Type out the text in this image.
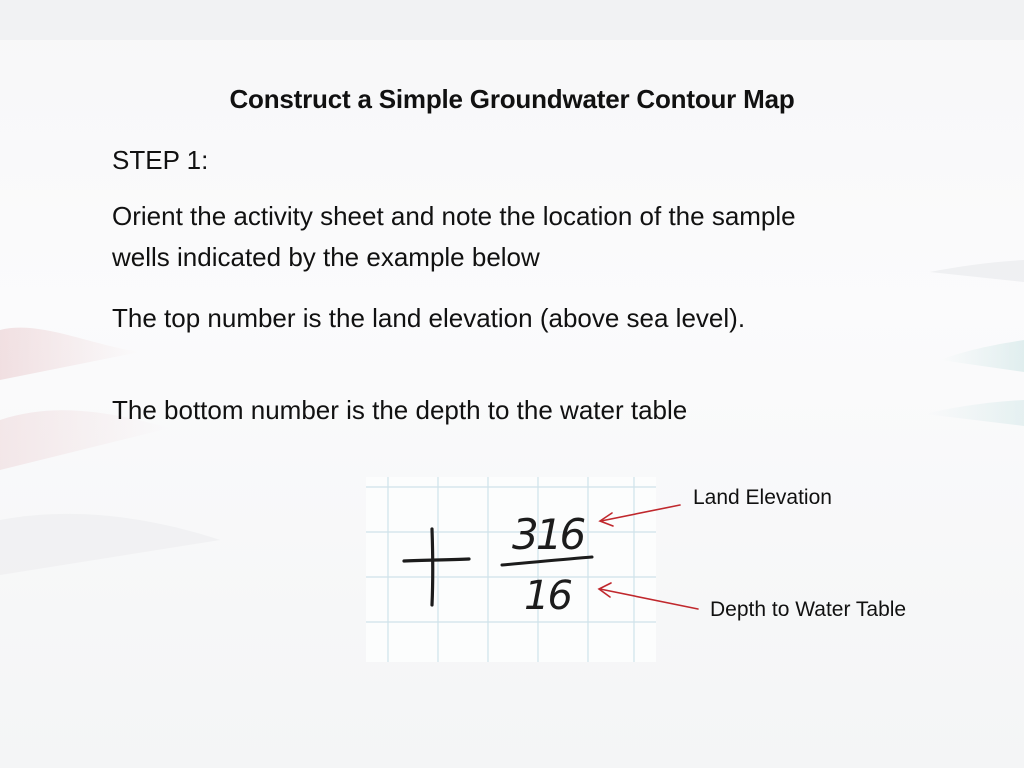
Construct a Simple Groundwater Contour Map
STEP 1:
Orient the activity sheet and note the location of the sample wells indicated by the example below
The top number is the land elevation (above sea level).
The bottom number is the depth to the water table
316
16
Land Elevation
Depth to Water Table
